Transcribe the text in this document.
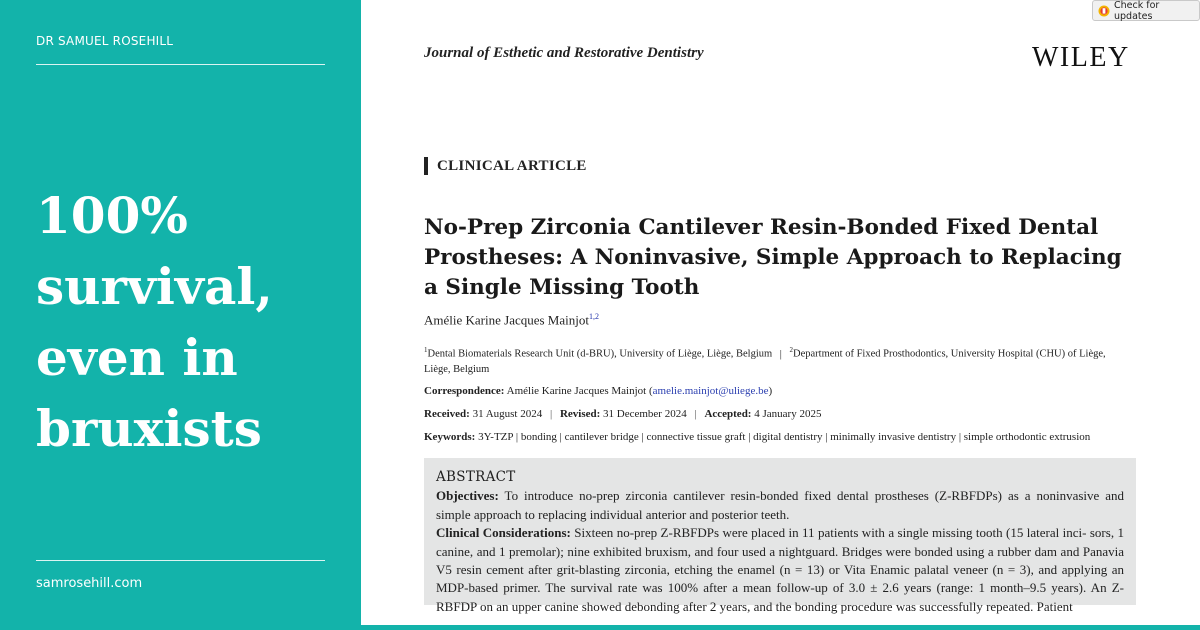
DR SAMUEL ROSEHILL
100% survival, even in bruxists
samrosehill.com
Check for updates
Journal of Esthetic and Restorative Dentistry	WILEY
CLINICAL ARTICLE
No-Prep Zirconia Cantilever Resin-Bonded Fixed Dental Prostheses: A Noninvasive, Simple Approach to Replacing a Single Missing Tooth
Amélie Karine Jacques Mainjot$^{1,2}$
$^1$Dental Biomaterials Research Unit (d-BRU), University of Liège, Liège, Belgium | $^2$Department of Fixed Prosthodontics, University Hospital (CHU) of Liège, Liège, Belgium
Correspondence: Amélie Karine Jacques Mainjot (amelie.mainjot@uliege.be)
Received: 31 August 2024 | Revised: 31 December 2024 | Accepted: 4 January 2025
Keywords: 3Y-TZP | bonding | cantilever bridge | connective tissue graft | digital dentistry | minimally invasive dentistry | simple orthodontic extrusion
ABSTRACT

Objectives: To introduce no-prep zirconia cantilever resin-bonded fixed dental prostheses (Z-RBFDPs) as a noninvasive and simple approach to replacing individual anterior and posterior teeth.

Clinical Considerations: Sixteen no-prep Z-RBFDPs were placed in 11 patients with a single missing tooth (15 lateral inci- sors, 1 canine, and 1 premolar); nine exhibited bruxism, and four used a nightguard. Bridges were bonded using a rubber dam and Panavia V5 resin cement after grit-blasting zirconia, etching the enamel (n = 13) or Vita Enamic palatal veneer (n = 3), and applying an MDP-based primer. The survival rate was 100% after a mean follow-up of 3.0 ± 2.6 years (range: 1 month–9.5 years). An Z-RBFDP on an upper canine showed debonding after 2 years, and the bonding procedure was successfully repeated. Patient
